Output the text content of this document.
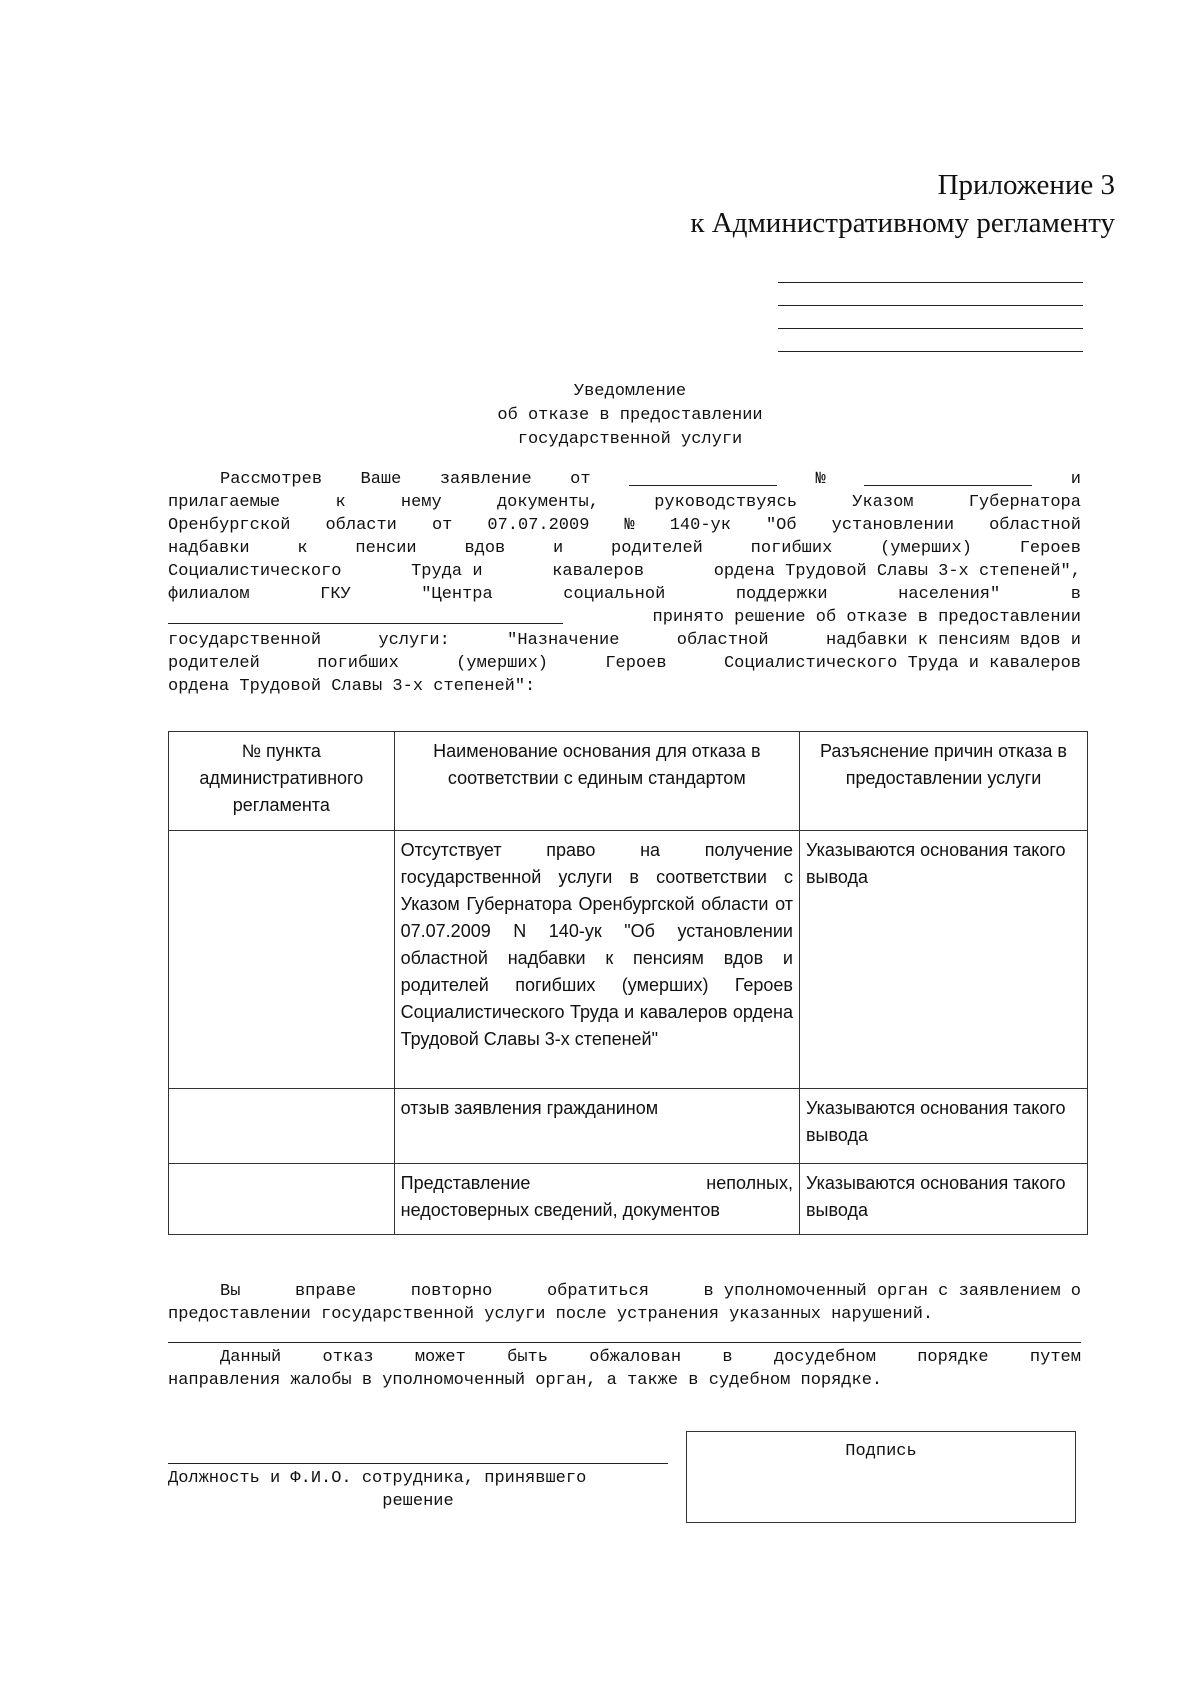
Приложение 3
к Административному регламенту
Уведомление
об отказе в предоставлении
государственной услуги
Рассмотрев Ваше заявление от	№	и
прилагаемые	к	нему	документы,	руководствуясь	Указом	Губернатора
Оренбургской области от 07.07.2009 № 140-ук "Об установлении областной
надбавки	к	пенсии	вдов	и	родителей	погибших	(умерших)	Героев
Социалистического	Труда и	кавалеров	ордена Трудовой Славы 3-х степеней",
филиалом	ГКУ	"Центра	социальной	поддержки	населения"	в
принято решение об отказе в предоставлении
государственной	услуги:	"Назначение	областной	надбавки к пенсиям вдов и
родителей	погибших	(умерших)	Героев	Социалистического Труда и кавалеров
ордена Трудовой Славы 3-х степеней":
№ пункта административного регламента	Наименование основания для отказа в соответствии с единым стандартом	Разъяснение причин отказа в предоставлении услуги

	Отсутствует право на получение
государственной услуги в соответствии с Указом Губернатора Оренбургской области от 07.07.2009 N 140-ук "Об установлении областной надбавки к пенсиям вдов и родителей погибших (умерших) Героев Социалистического Труда и кавалеров ордена Трудовой Славы 3-х степеней"	Указываются основания такого вывода
	отзыв заявления гражданином	Указываются основания такого вывода

	Представление неполных,
недостоверных сведений, документов	Указываются основания такого вывода
Вы	вправе	повторно	обратиться	в уполномоченный орган с заявлением о
предоставлении государственной услуги после устранения указанных нарушений.
Данный отказ может быть обжалован в досудебном порядке путем
направления жалобы в уполномоченный орган, а также в судебном порядке.
Должность и Ф.И.О. сотрудника, принявшего
решение
Подпись
